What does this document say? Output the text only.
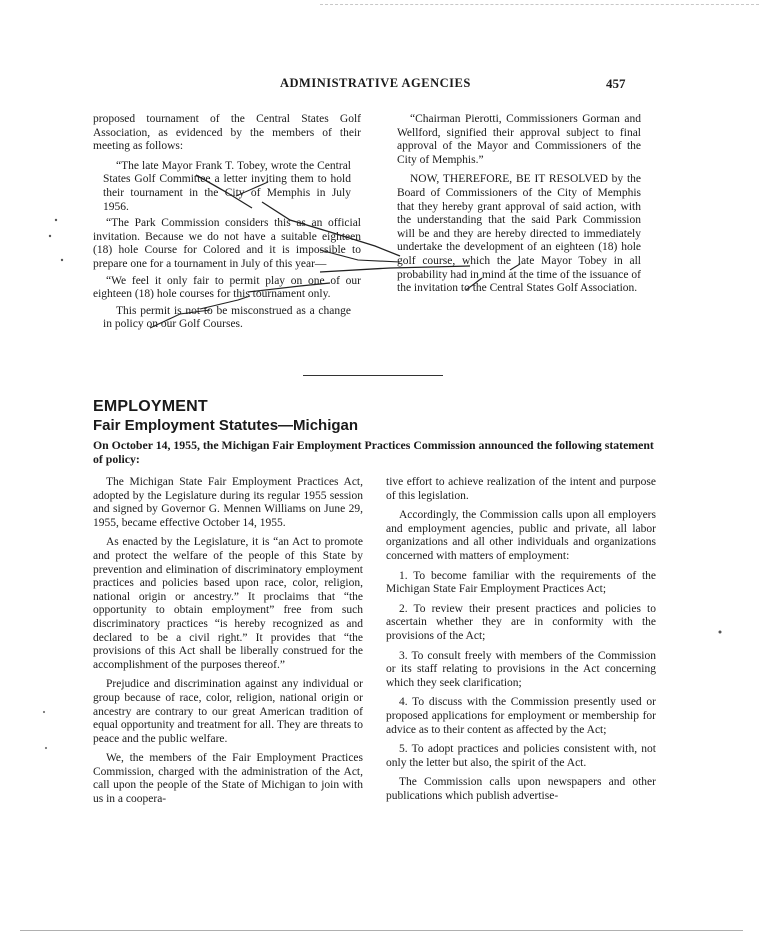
ADMINISTRATIVE AGENCIES	457

proposed tournament of the Central States Golf Association, as evidenced by the members of their meeting as follows:

“The late Mayor Frank T. Tobey, wrote the Central States Golf Committee a letter inviting them to hold their tournament in the City of Memphis in July 1956.

“The Park Commission considers this as an official invitation. Because we do not have a suitable eighteen (18) hole Course for Colored and it is impossible to prepare one for a tournament in July of this year—

“We feel it only fair to permit play on one of our eighteen (18) hole courses for this tournament only.

This permit is not to be misconstrued as a change in policy on our Golf Courses.

“Chairman Pierotti, Commissioners Gorman and Wellford, signified their approval subject to final approval of the Mayor and Commissioners of the City of Memphis.”

NOW, THEREFORE, BE IT RESOLVED by the Board of Commissioners of the City of Memphis that they hereby grant approval of said action, with the understanding that the said Park Commission will be and they are hereby directed to immediately undertake the development of an eighteen (18) hole golf course, which the late Mayor Tobey in all probability had in mind at the time of the issuance of the invitation to the Central States Golf Association.

EMPLOYMENT
Fair Employment Statutes—Michigan
On October 14, 1955, the Michigan Fair Employment Practices Commission announced the following statement of policy:

The Michigan State Fair Employment Practices Act, adopted by the Legislature during its regular 1955 session and signed by Governor G. Mennen Williams on June 29, 1955, became effective October 14, 1955.

As enacted by the Legislature, it is “an Act to promote and protect the welfare of the people of this State by prevention and elimination of discriminatory employment practices and policies based upon race, color, religion, national origin or ancestry.” It proclaims that “the opportunity to obtain employment” free from such discriminatory practices “is hereby recognized as and declared to be a civil right.” It provides that “the provisions of this Act shall be liberally construed for the accomplishment of the purposes thereof.”

Prejudice and discrimination against any individual or group because of race, color, religion, national origin or ancestry are contrary to our great American tradition of equal opportunity and treatment for all. They are threats to peace and the public welfare.

We, the members of the Fair Employment Practices Commission, charged with the administration of the Act, call upon the people of the State of Michigan to join with us in a coopera-

tive effort to achieve realization of the intent and purpose of this legislation.

Accordingly, the Commission calls upon all employers and employment agencies, public and private, all labor organizations and all other individuals and organizations concerned with matters of employment:

1. To become familiar with the requirements of the Michigan State Fair Employment Practices Act;

2. To review their present practices and policies to ascertain whether they are in conformity with the provisions of the Act;

3. To consult freely with members of the Commission or its staff relating to provisions in the Act concerning which they seek clarification;

4. To discuss with the Commission presently used or proposed applications for employment or membership for advice as to their content as affected by the Act;

5. To adopt practices and policies consistent with, not only the letter but also, the spirit of the Act.

The Commission calls upon newspapers and other publications which publish advertise-
